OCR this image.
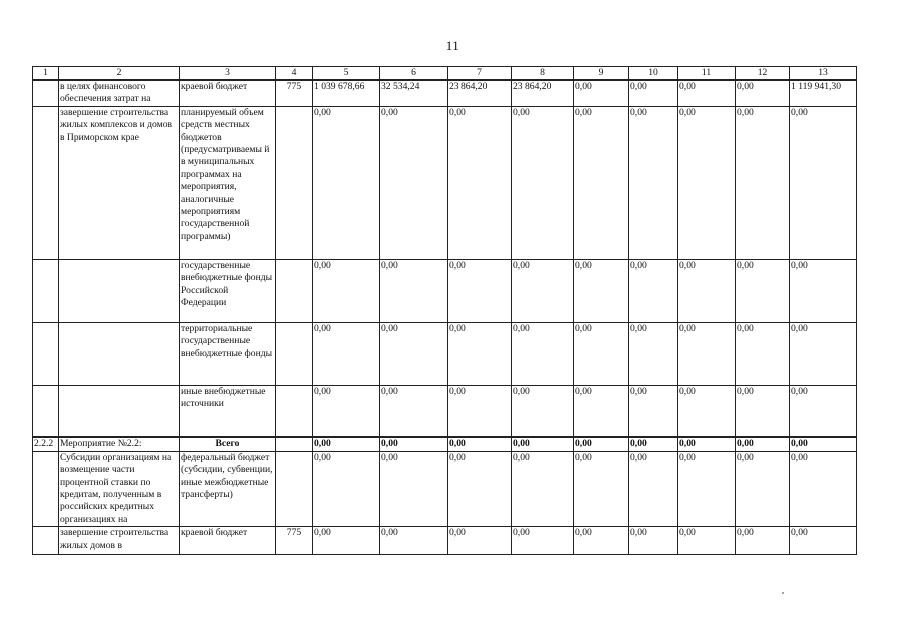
11
1	2	3	4	5	6	7	8	9	10	11	12	13
	в целях финансового обеспечения затрат на	краевой бюджет	775	1 039 678,66	32 534,24	23 864,20	23 864,20	0,00	0,00	0,00	0,00	1 119 941,30
	завершение строительства жилых комплексов и домов в Приморском крае	планируемый объем средств местных бюджетов (предусматриваемы й в муниципальных программах на мероприятия, аналогичные мероприятиям государственной программы)		0,00	0,00	0,00	0,00	0,00	0,00	0,00	0,00	0,00
		государственные внебюджетные фонды Российской Федерации		0,00	0,00	0,00	0,00	0,00	0,00	0,00	0,00	0,00
		территориальные государственные внебюджетные фонды		0,00	0,00	0,00	0,00	0,00	0,00	0,00	0,00	0,00
		иные внебюджетные источники		0,00	0,00	0,00	0,00	0,00	0,00	0,00	0,00	0,00
2.2.2	Мероприятие №2.2:	Всего		0,00	0,00	0,00	0,00	0,00	0,00	0,00	0,00	0,00
	Субсидии организациям на возмещение части процентной ставки по кредитам, полученным в российских кредитных организациях на	федеральный бюджет (субсидии, субвенции, иные межбюджетные трансферты)		0,00	0,00	0,00	0,00	0,00	0,00	0,00	0,00	0,00
	завершение строительства жилых домов в	краевой бюджет	775	0,00	0,00	0,00	0,00	0,00	0,00	0,00	0,00	0,00
